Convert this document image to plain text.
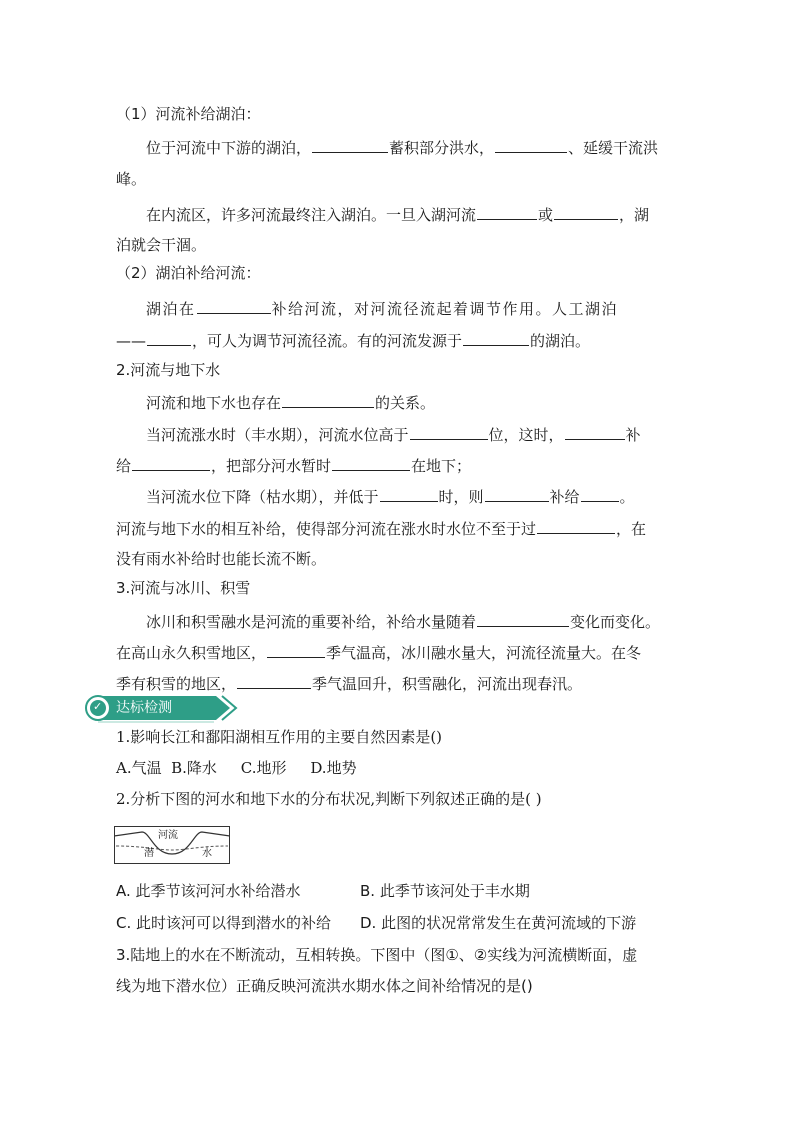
（1）河流补给湖泊：
位于河流中下游的湖泊，	蓄积部分洪水，	、延缓干流洪
峰。
在内流区，许多河流最终注入湖泊。一旦入湖河流	或	，湖
泊就会干涸。
（2）湖泊补给河流：
湖泊在	补给河流，对河流径流起着调节作用。人工湖泊
——	，可人为调节河流径流。有的河流发源于	的湖泊。
2.河流与地下水
河流和地下水也存在	的关系。
当河流涨水时（丰水期），河流水位高于	位，这时，	补
给	，把部分河水暂时	在地下；
当河流水位下降（枯水期），并低于	时，则	补给	。
河流与地下水的相互补给，使得部分河流在涨水时水位不至于过	，在
没有雨水补给时也能长流不断。
3.河流与冰川、积雪
冰川和积雪融水是河流的重要补给，补给水量随着	变化而变化。
在高山永久积雪地区，	季气温高，冰川融水量大，河流径流量大。在冬
季有积雪的地区，	季气温回升，积雪融化，河流出现春汛。
✓ 达标检测
1.影响长江和鄱阳湖相互作用的主要自然因素是()
A.气温  B.降水     C.地形     D.地势
2.分析下图的河水和地下水的分布状况,判断下列叙述正确的是( )
河流
潜	水
A. 此季节该河河水补给潜水	B. 此季节该河处于丰水期
C. 此时该河可以得到潜水的补给 D. 此图的状况常常发生在黄河流域的下游
3.陆地上的水在不断流动，互相转换。下图中（图①、②实线为河流横断面，虚
线为地下潜水位）正确反映河流洪水期水体之间补给情况的是()
